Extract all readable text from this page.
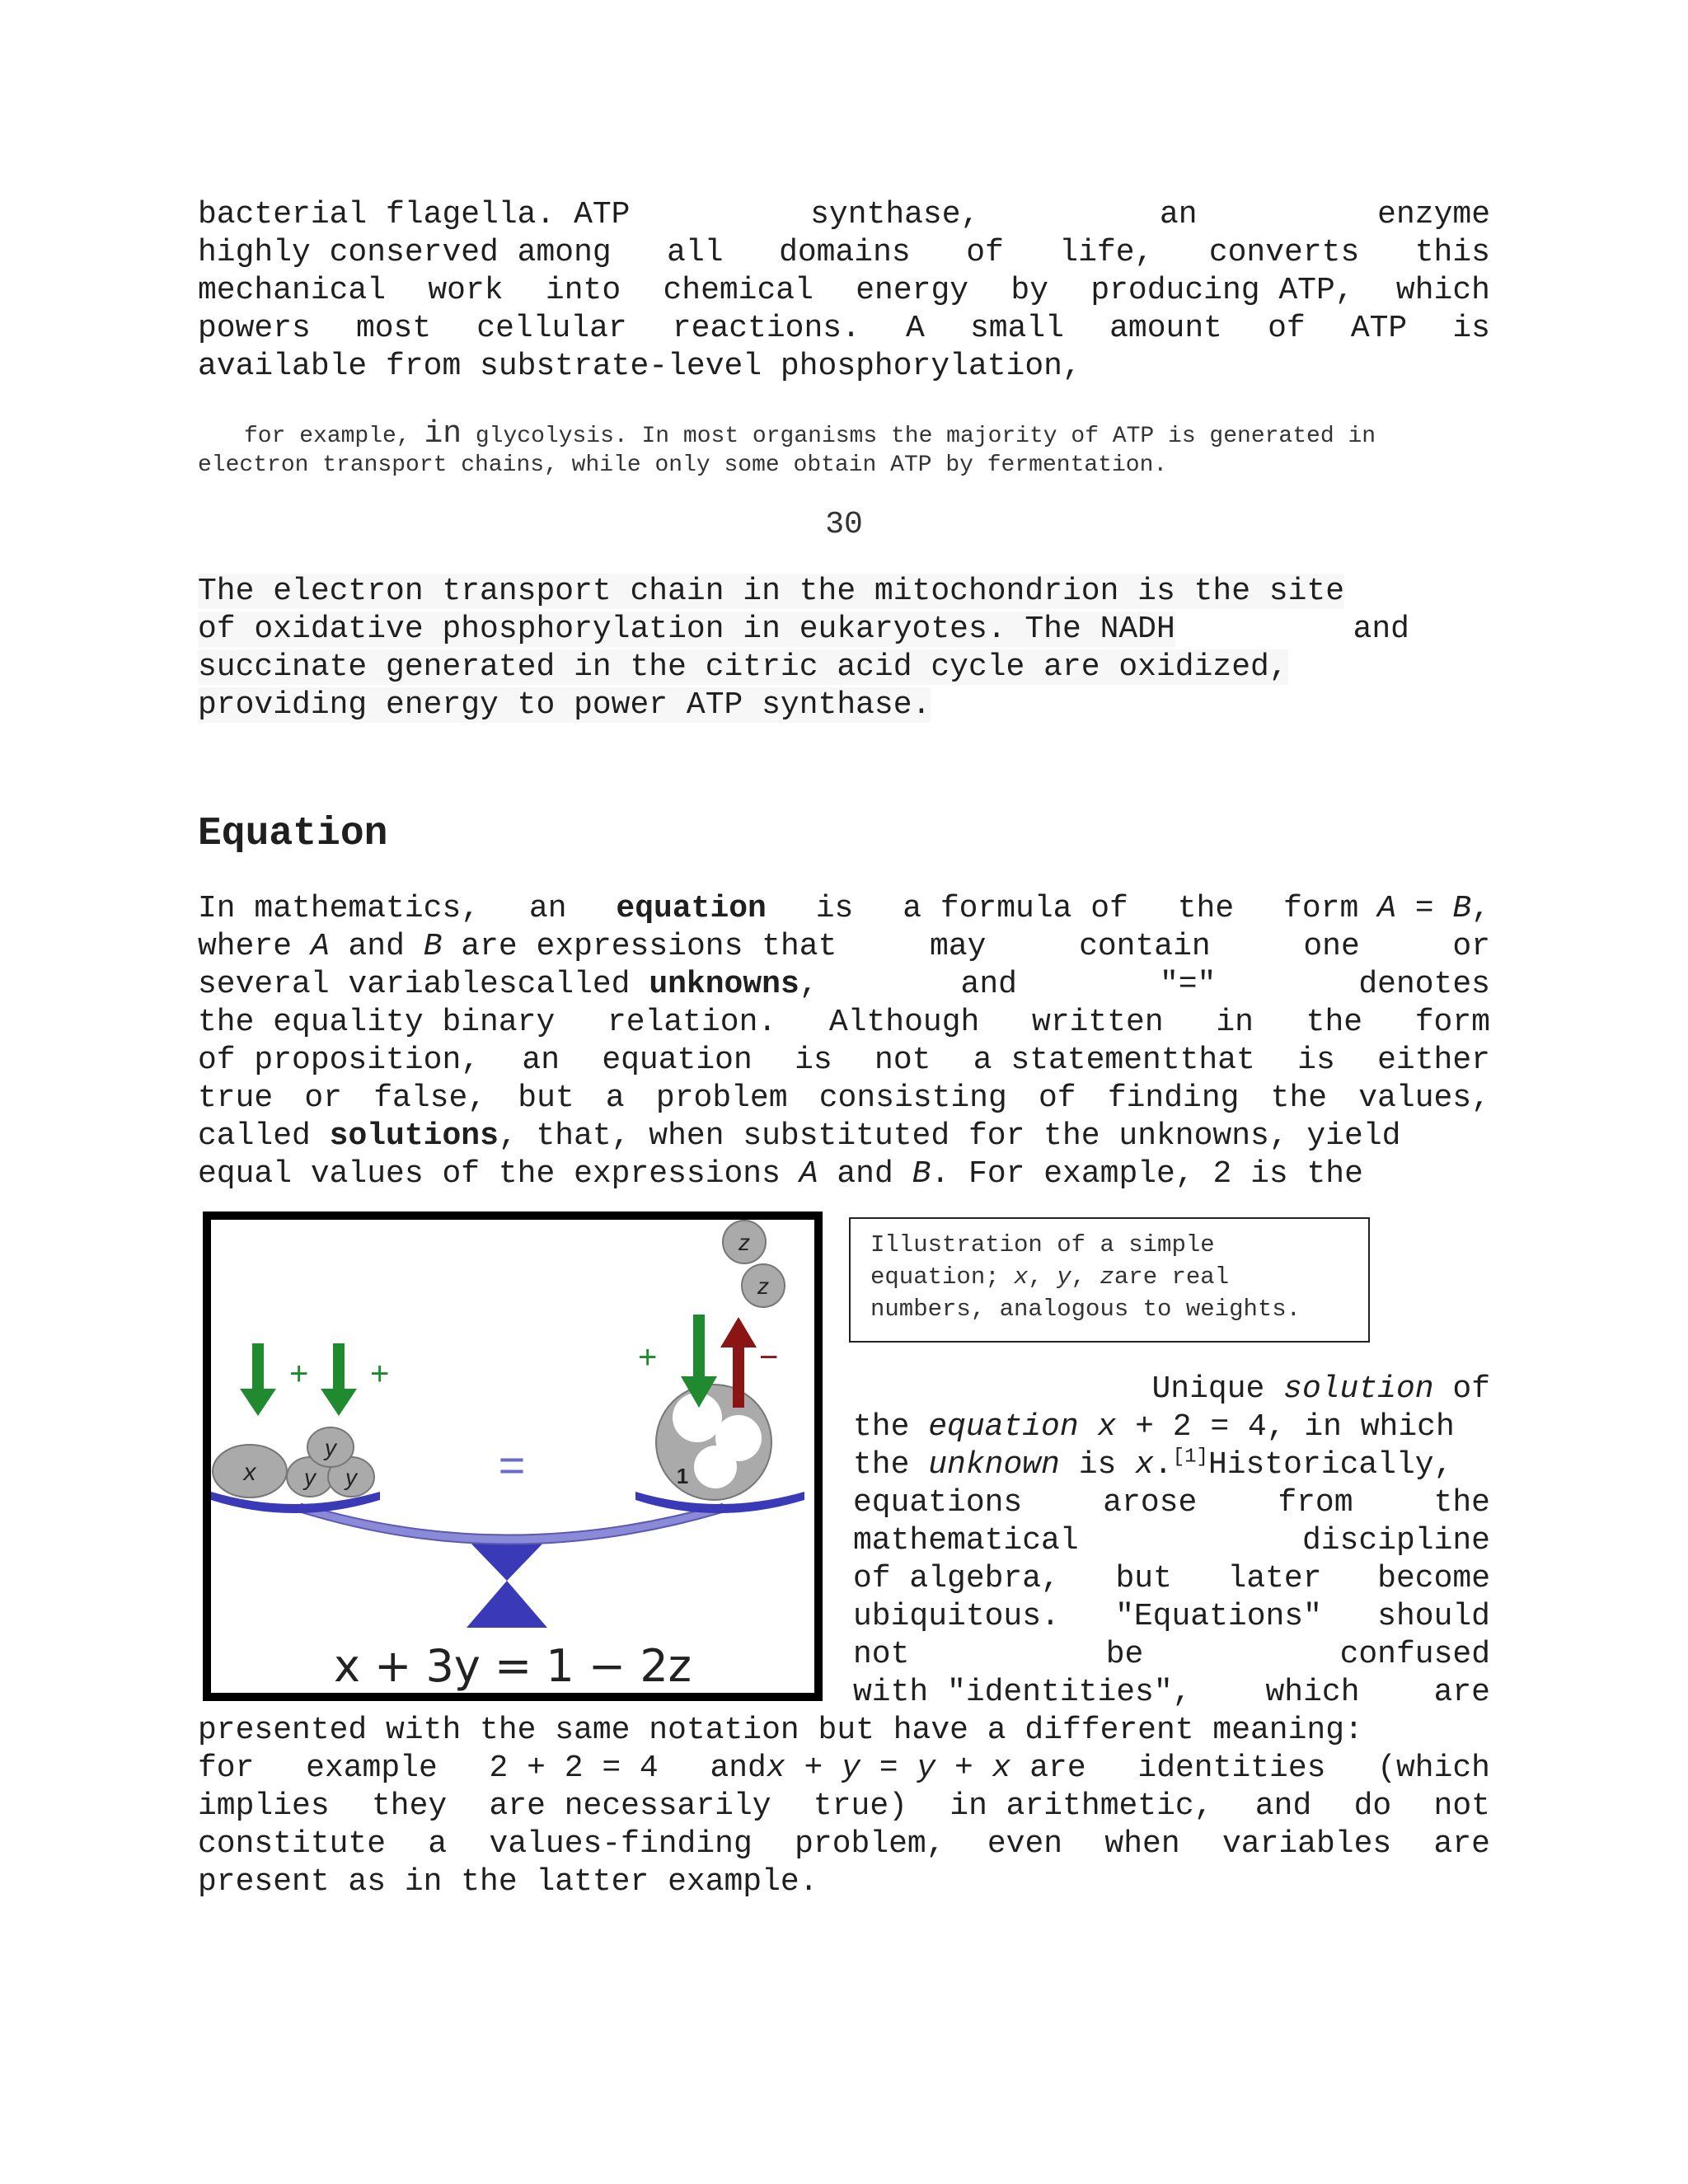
bacterial flagella. ATP	synthase,	an	enzyme
highly conserved among all domains of life, converts this
mechanical work into chemical energy by producing ATP, which
powers most cellular reactions. A small amount of ATP is

available from substrate-level phosphorylation,

for example, in glycolysis. In most organisms the majority of ATP is generated in

electron transport chains, while only some obtain ATP by fermentation.

30

The electron transport chain in the mitochondrion is the site

of oxidative phosphorylation in eukaryotes. The NADH	and

succinate generated in the citric acid cycle are oxidized,

providing energy to power ATP synthase.

Equation
In mathematics, an equation is a formula of the form A = B,
where A and B are expressions that	may	contain	one	or
several variablescalled unknowns,	and	"="	denotes
the equality binary relation. Although written in the form
of proposition, an equation is not a statementthat is either
true or false, but a problem consisting of finding the values,

called solutions, that, when substituted for the unknowns, yield

equal values of the expressions A and B. For example, 2 is the

x y y
y	=	1
z
z
+ +	+	−
x + 3y = 1 − 2z
Illustration of a simple
equation; x, y, zare real
numbers, analogous to weights.

Unique solution of

the equation x + 2 = 4, in which

the unknown is x.[1]Historically,

equations	arose	from	the
mathematical	discipline
of algebra, but later become
ubiquitous. "Equations" should
not	be	confused
with "identities", which are

presented with the same notation but have a different meaning:

for example 2 + 2 = 4 andx + y = y + x are identities (which
implies they are necessarily true) in arithmetic, and do not
constitute a values-finding problem, even when variables are

present as in the latter example.
